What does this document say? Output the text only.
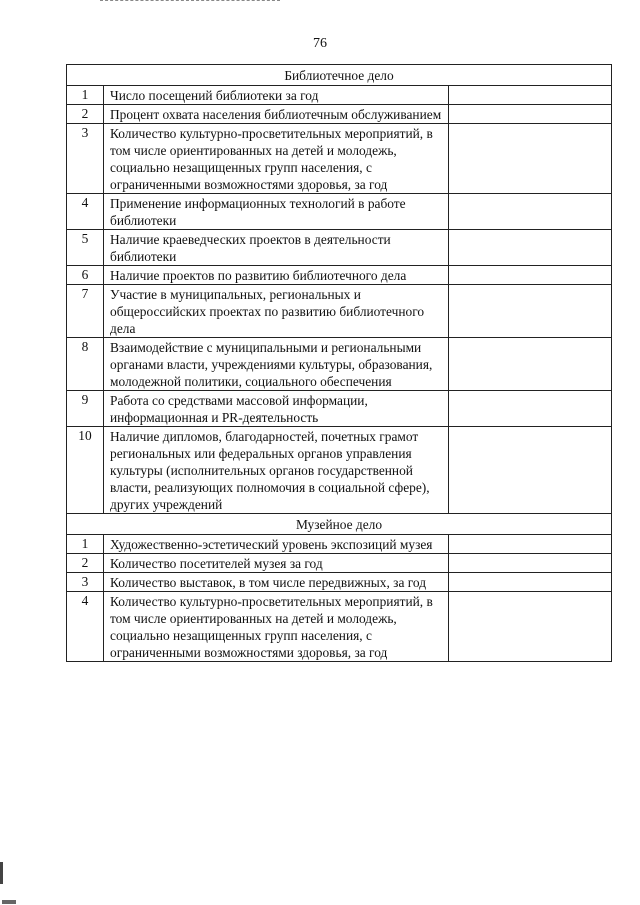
76
Библиотечное дело		
1	Число посещений библиотеки за год	
2	Процент охвата населения библиотечным обслуживанием	
3	Количество культурно-просветительных мероприятий, в том числе ориентированных на детей и молодежь, социально незащищенных групп населения, с ограниченными возможностями здоровья, за год	
4	Применение информационных технологий в работе библиотеки	
5	Наличие краеведческих проектов в деятельности библиотеки	
6	Наличие проектов по развитию библиотечного дела	
7	Участие в муниципальных, региональных и общероссийских проектах по развитию библиотечного дела	
8	Взаимодействие с муниципальными и региональными органами власти, учреждениями культуры, образования, молодежной политики, социального обеспечения	
9	Работа со средствами массовой информации, информационная и PR-деятельность	
10	Наличие дипломов, благодарностей, почетных грамот региональных или федеральных органов управления культуры (исполнительных органов государственной власти, реализующих полномочия в социальной сфере), других учреждений	
Музейное дело		
1	Художественно-эстетический уровень экспозиций музея	
2	Количество посетителей музея за год	
3	Количество выставок, в том числе передвижных, за год	
4	Количество культурно-просветительных мероприятий, в том числе ориентированных на детей и молодежь, социально незащищенных групп населения, с ограниченными возможностями здоровья, за год	
